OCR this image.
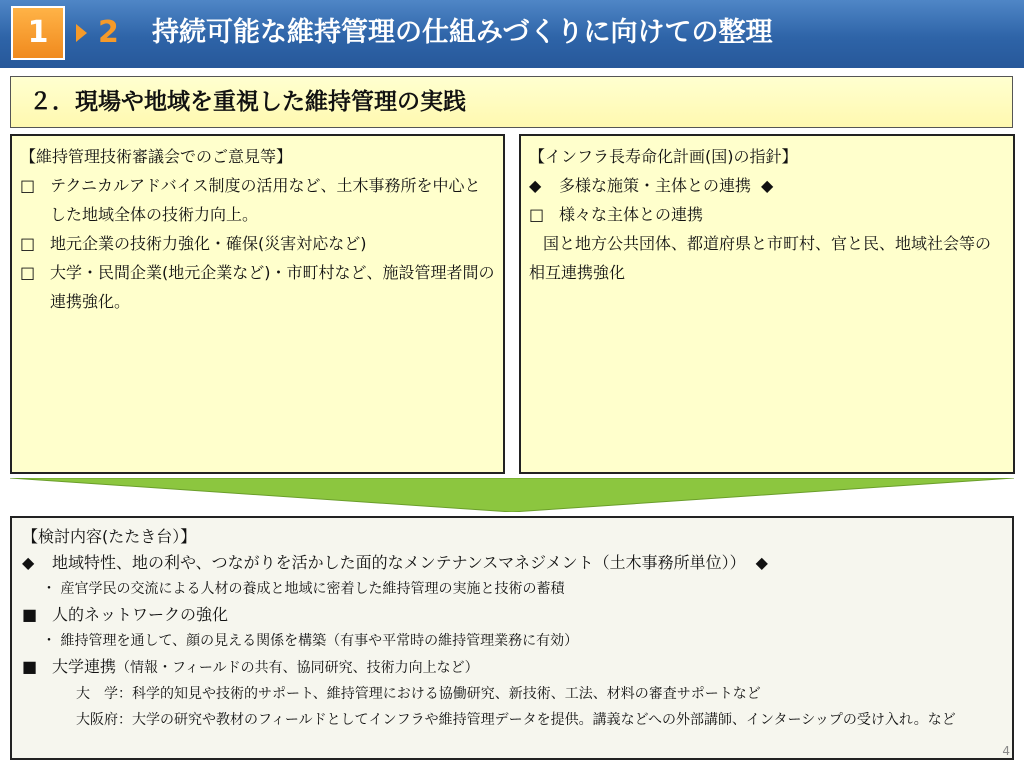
1	2 持続可能な維持管理の仕組みづくりに向けての整理
２．現場や地域を重視した維持管理の実践
【維持管理技術審議会でのご意見等】
□ テクニカルアドバイス制度の活用など、土木事務所を中心とした地域全体の技術力向上。
□ 地元企業の技術力強化・確保(災害対応など)
□ 大学・民間企業(地元企業など)・市町村など、施設管理者間の連携強化。
【インフラ長寿命化計画(国)の指針】
◆ 多様な施策・主体との連携 ◆
□ 様々な主体との連携
国と地方公共団体、都道府県と市町村、官と民、地域社会等の相互連携強化
【検討内容(たたき台）】
◆ 地域特性、地の利や、つながりを活かした面的なメンテナンスマネジメント（土木事務所単位）） ◆
・ 産官学民の交流による人材の養成と地域に密着した維持管理の実施と技術の蓄積
■ 人的ネットワークの強化
・ 維持管理を通して、顔の見える関係を構築（有事や平常時の維持管理業務に有効）
■ 大学連携（情報・フィールドの共有、協同研究、技術力向上など）
大　学：科学的知見や技術的サポート、維持管理における協働研究、新技術、工法、材料の審査サポートなど
大阪府：大学の研究や教材のフィールドとしてインフラや維持管理データを提供。講義などへの外部講師、インターシップの受け入れ。など
4
